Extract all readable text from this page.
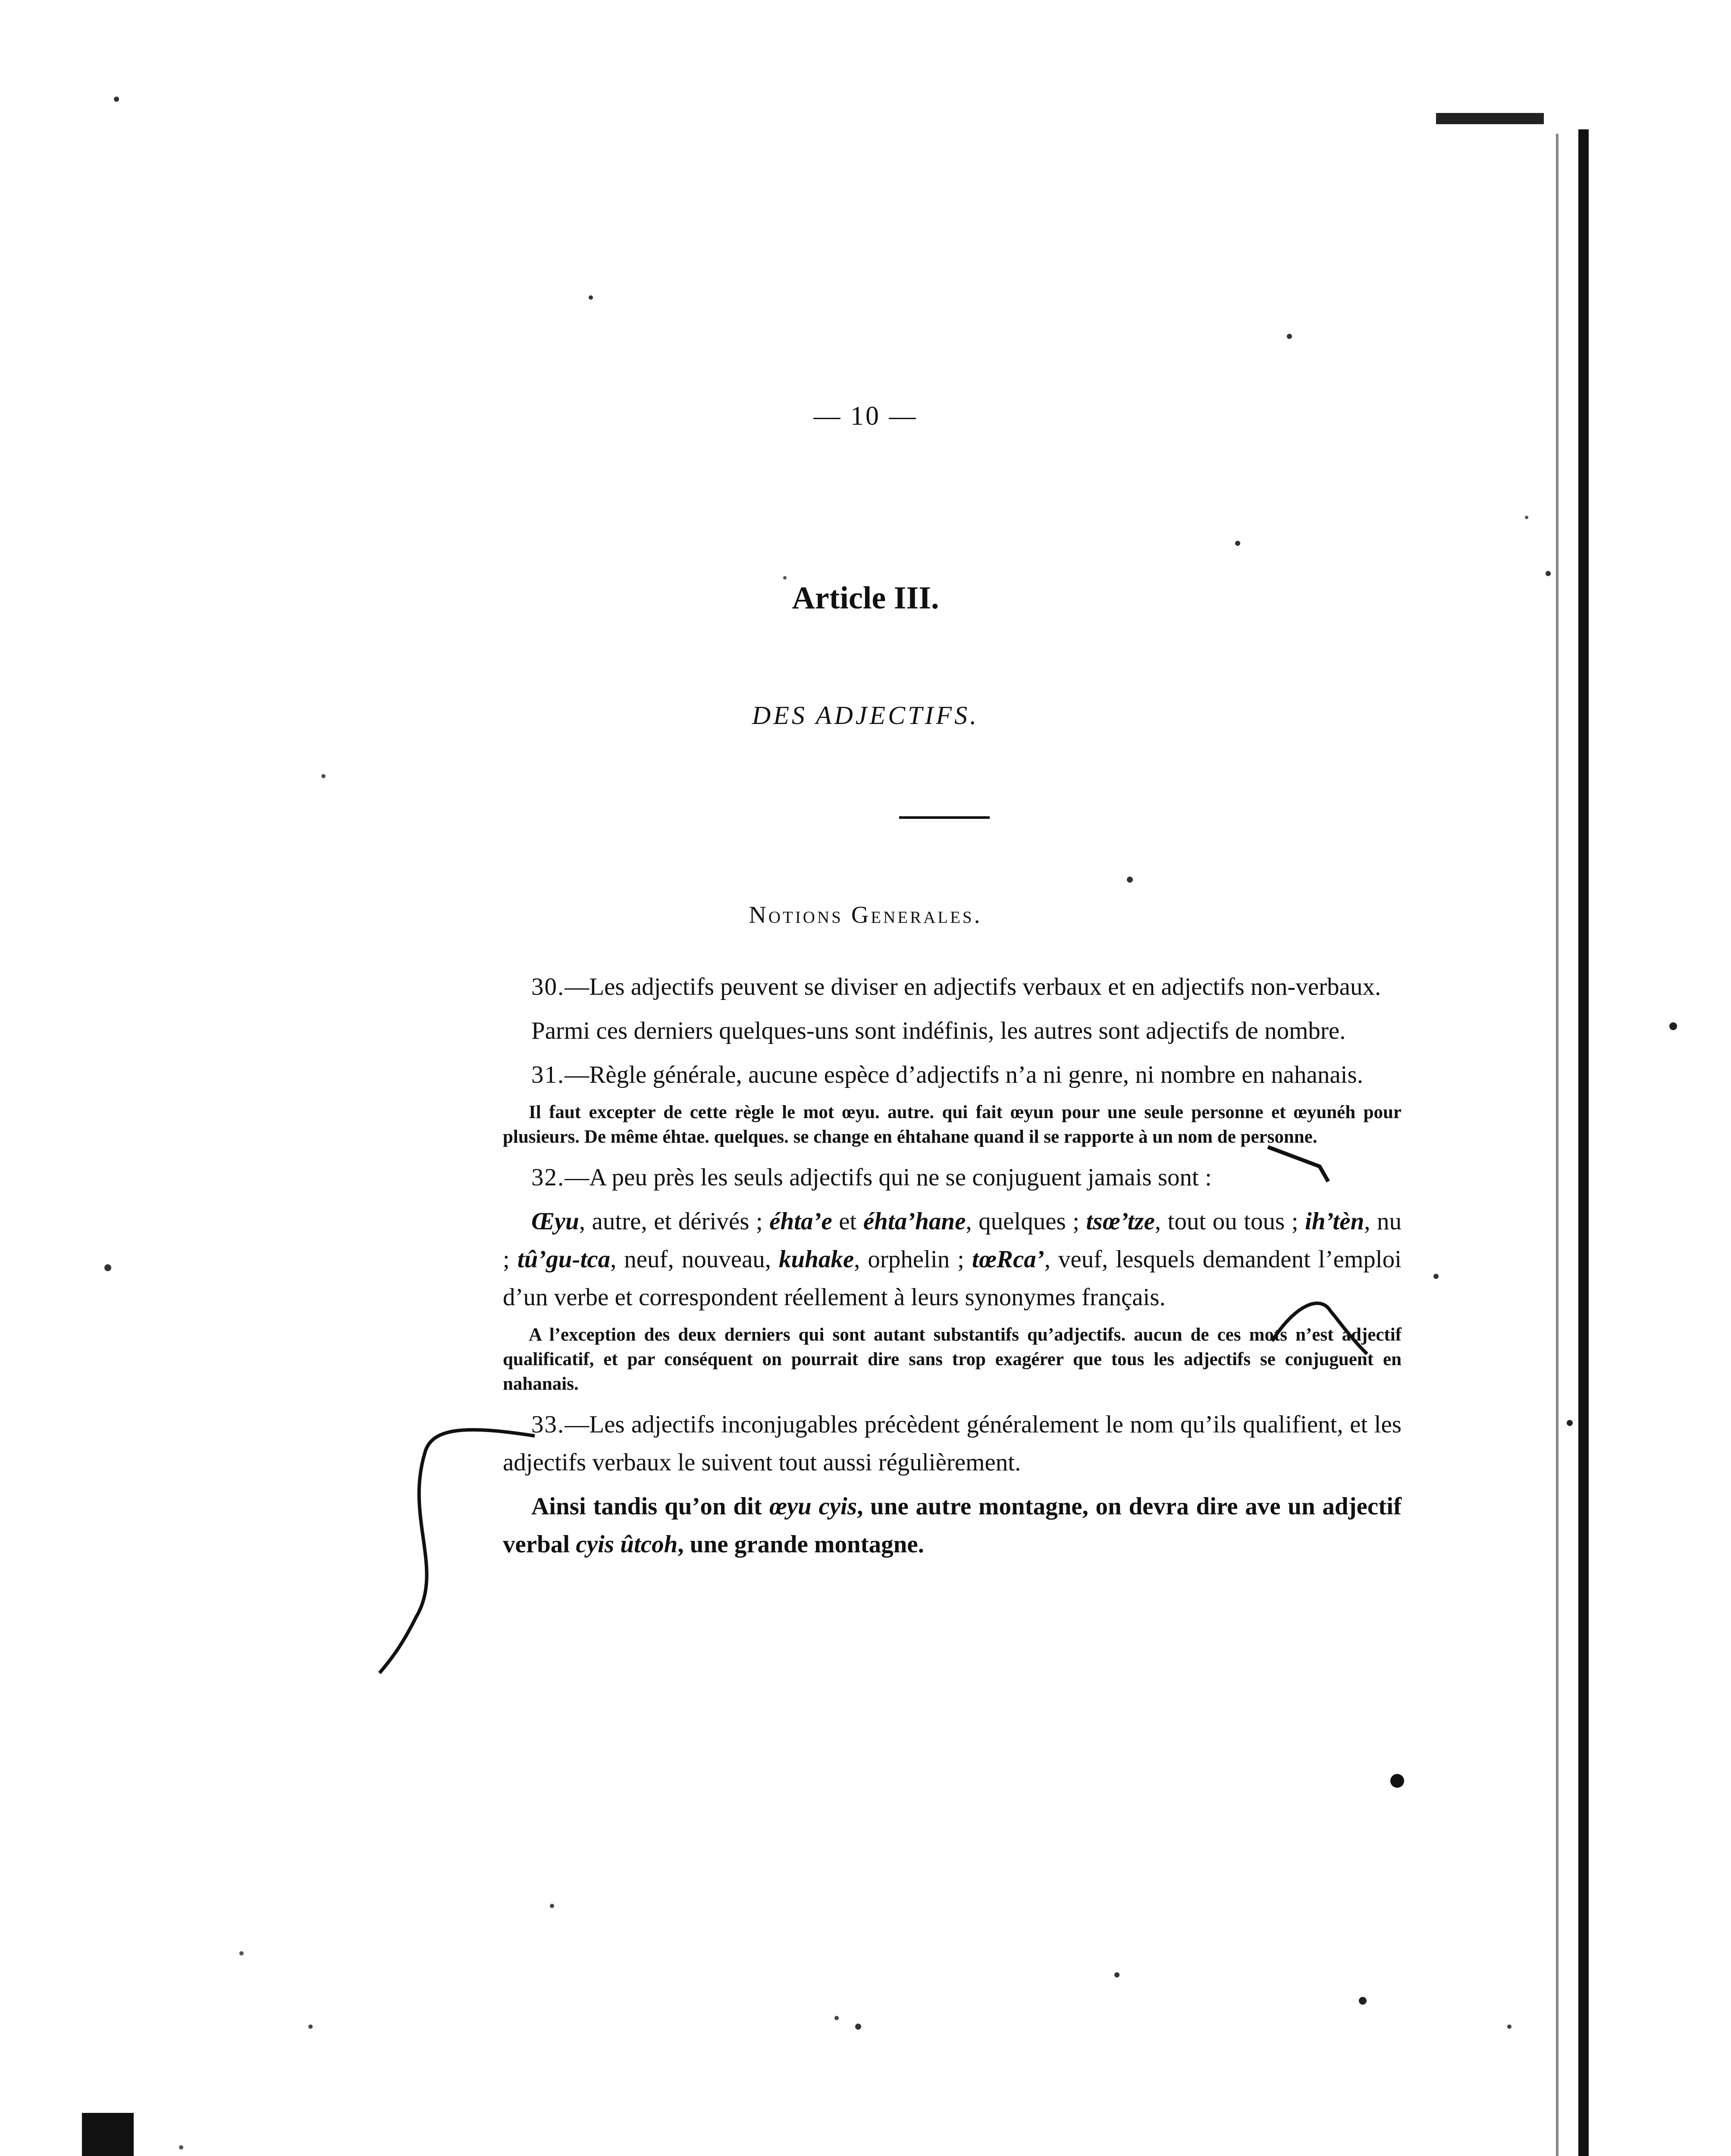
— 10 —
Article III.
DES ADJECTIFS.
Notions Generales.

30.—Les adjectifs peuvent se diviser en adjectifs verbaux et en adjectifs non-verbaux.

Parmi ces derniers quelques-uns sont indéfinis, les autres sont adjectifs de nombre.

31.—Règle générale, aucune espèce d’adjectifs n’a ni genre, ni nombre en nahanais.

Il faut excepter de cette règle le mot œyu. autre. qui fait œyun pour une seule personne et œyunéh pour plusieurs. De même éhtae. quelques. se change en éhtahane quand il se rapporte à un nom de personne.

32.—A peu près les seuls adjectifs qui ne se conjuguent jamais sont :

Œyu, autre, et dérivés ; éhta’e et éhta’hane, quelques ; tsœ’tze, tout ou tous ; ih’tèn, nu ; tû’gu-tca, neuf, nouveau, kuhake, orphelin ; tœRca’, veuf, lesquels demandent l’emploi d’un verbe et correspondent réellement à leurs synonymes français.

A l’exception des deux derniers qui sont autant substantifs qu’adjectifs. aucun de ces mots n’est adjectif qualificatif, et par conséquent on pourrait dire sans trop exagérer que tous les adjectifs se conjuguent en nahanais.

33.—Les adjectifs inconjugables précèdent généralement le nom qu’ils qualifient, et les adjectifs verbaux le suivent tout aussi régulièrement.

Ainsi tandis qu’on dit œyu cyis, une autre montagne, on devra dire ave un adjectif verbal cyis ûtcoh, une grande montagne.
